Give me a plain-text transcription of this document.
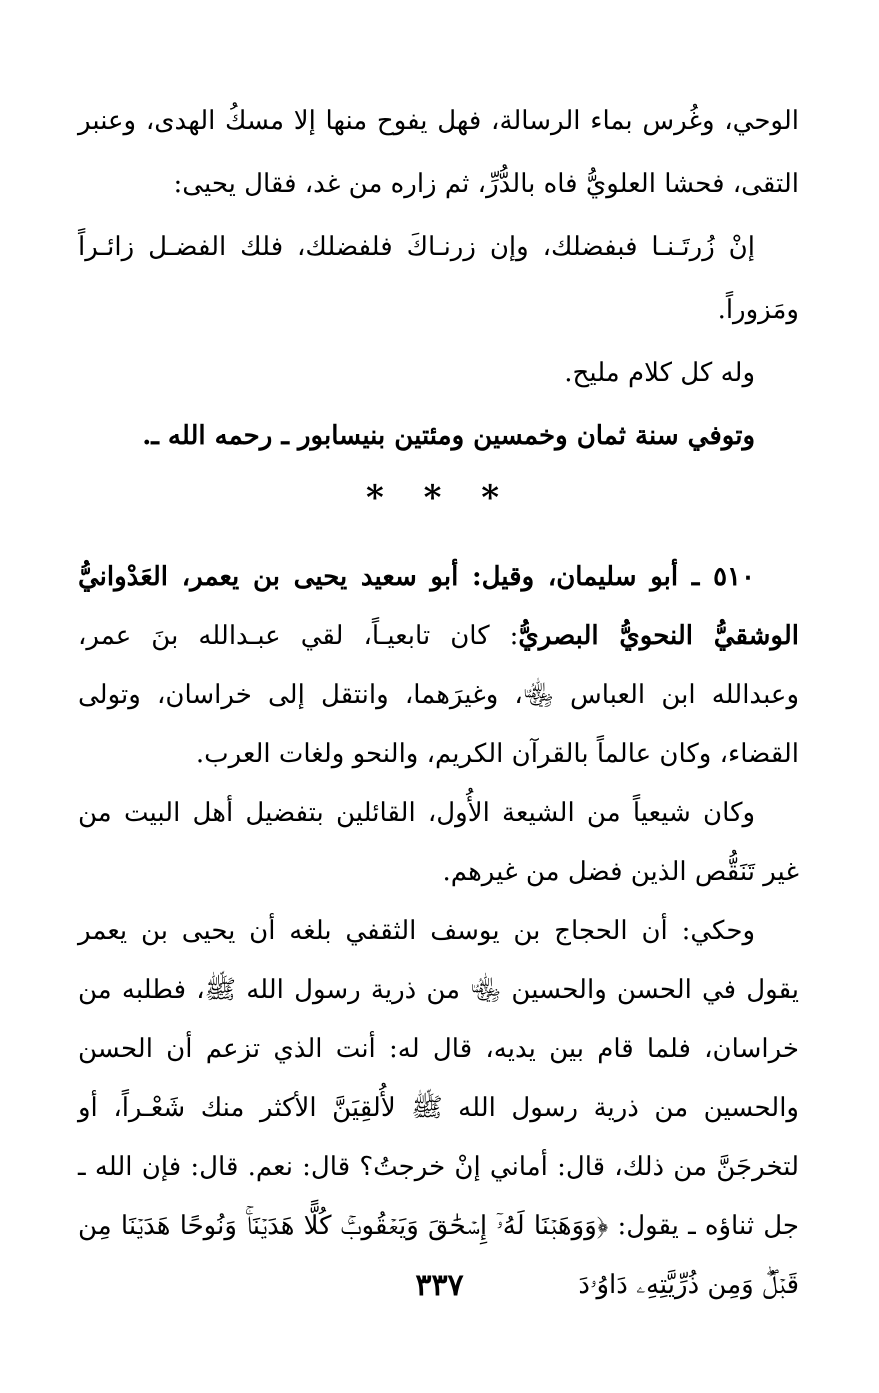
الوحي، وغُرس بماء الرسالة، فهل يفوح منها إلا مسكُ الهدى، وعنبر التقى، فحشا العلويُّ فاه بالدُّرِّ، ثم زاره من غد، فقال يحيى:

إنْ زُرتَـنـا فبفضلك، وإن زرنـاكَ فلفضلك، فلك الفضـل زائـراً ومَزوراً.

وله كل كلام مليح.

وتوفي سنة ثمان وخمسين ومئتين بنيسابور ـ رحمه الله ـ.

* * *

٥١٠ ـ أبو سليمان، وقيل: أبو سعيد يحيى بن يعمر، العَدْوانيُّ الوشقيُّ النحويُّ البصريُّ: كان تابعيـاً، لقي عبـدالله بنَ عمر، وعبدالله ابن العباس ﵄، وغيرَهما، وانتقل إلى خراسان، وتولى القضاء، وكان عالماً بالقرآن الكريم، والنحو ولغات العرب.

وكان شيعياً من الشيعة الأُول، القائلين بتفضيل أهل البيت من غير تَنَقُّص الذين فضل من غيرهم.

وحكي: أن الحجاج بن يوسف الثقفي بلغه أن يحيى بن يعمر يقول في الحسن والحسين ﵄ من ذرية رسول الله ﷺ، فطلبه من خراسان، فلما قام بين يديه، قال له: أنت الذي تزعم أن الحسن والحسين من ذرية رسول الله ﷺ لأُلقِيَنَّ الأكثر منك شَعْـراً، أو لتخرجَنَّ من ذلك، قال: أماني إنْ خرجتُ؟ قال: نعم. قال: فإن الله ـ جل ثناؤه ـ يقول: ﴿وَوَهَبۡنَا لَهُۥٓ إِسۡحَٰقَ وَيَعۡقُوبَۚ كُلًّا هَدَيۡنَاۚ وَنُوحًا هَدَيۡنَا مِن قَبۡلُۖ وَمِن ذُرِّيَّتِهِۦ دَاوُۥدَ

٣٣٧
